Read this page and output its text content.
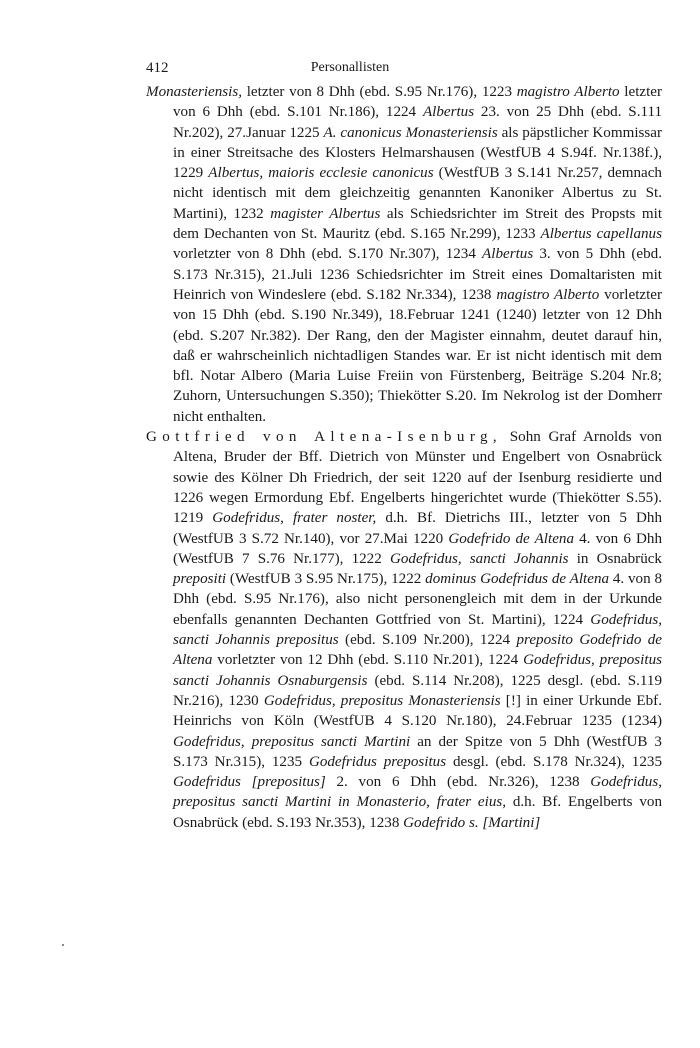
412	Personallisten

Monasteriensis, letzter von 8 Dhh (ebd. S.95 Nr.176), 1223 magistro Alberto letzter von 6 Dhh (ebd. S.101 Nr.186), 1224 Albertus 23. von 25 Dhh (ebd. S.111 Nr.202), 27.Januar 1225 A. canonicus Monasteriensis als päpstlicher Kommissar in einer Streitsache des Klosters Helmarshausen (WestfUB 4 S.94f. Nr.138f.), 1229 Albertus, maioris ecclesie canonicus (WestfUB 3 S.141 Nr.257, demnach nicht identisch mit dem gleichzeitig genannten Kanoniker Albertus zu St. Martini), 1232 magister Albertus als Schiedsrichter im Streit des Propsts mit dem Dechanten von St. Mauritz (ebd. S.165 Nr.299), 1233 Albertus capellanus vorletzter von 8 Dhh (ebd. S.170 Nr.307), 1234 Albertus 3. von 5 Dhh (ebd. S.173 Nr.315), 21.Juli 1236 Schiedsrichter im Streit eines Domaltaristen mit Heinrich von Windeslere (ebd. S.182 Nr.334), 1238 magistro Alberto vorletzter von 15 Dhh (ebd. S.190 Nr.349), 18.Februar 1241 (1240) letzter von 12 Dhh (ebd. S.207 Nr.382). Der Rang, den der Magister einnahm, deutet darauf hin, daß er wahrscheinlich nichtadligen Standes war. Er ist nicht identisch mit dem bfl. Notar Albero (Maria Luise Freiin von Fürstenberg, Beiträge S.204 Nr.8; Zuhorn, Untersuchungen S.350); Thiekötter S.20. Im Nekrolog ist der Domherr nicht enthalten.

Gottfried von Altena-Isenburg, Sohn Graf Arnolds von Altena, Bruder der Bff. Dietrich von Münster und Engelbert von Osnabrück sowie des Kölner Dh Friedrich, der seit 1220 auf der Isenburg residierte und 1226 wegen Ermordung Ebf. Engelberts hingerichtet wurde (Thiekötter S.55). 1219 Godefridus, frater noster, d.h. Bf. Dietrichs III., letzter von 5 Dhh (WestfUB 3 S.72 Nr.140), vor 27.Mai 1220 Godefrido de Altena 4. von 6 Dhh (WestfUB 7 S.76 Nr.177), 1222 Godefridus, sancti Johannis in Osnabrück prepositi (WestfUB 3 S.95 Nr.175), 1222 dominus Godefridus de Altena 4. von 8 Dhh (ebd. S.95 Nr.176), also nicht personengleich mit dem in der Urkunde ebenfalls genannten Dechanten Gottfried von St. Martini), 1224 Godefridus, sancti Johannis prepositus (ebd. S.109 Nr.200), 1224 preposito Godefrido de Altena vorletzter von 12 Dhh (ebd. S.110 Nr.201), 1224 Godefridus, prepositus sancti Johannis Osnaburgensis (ebd. S.114 Nr.208), 1225 desgl. (ebd. S.119 Nr.216), 1230 Godefridus, prepositus Monasteriensis [!] in einer Urkunde Ebf. Heinrichs von Köln (WestfUB 4 S.120 Nr.180), 24.Februar 1235 (1234) Godefridus, prepositus sancti Martini an der Spitze von 5 Dhh (WestfUB 3 S.173 Nr.315), 1235 Godefridus prepositus desgl. (ebd. S.178 Nr.324), 1235 Godefridus [prepositus] 2. von 6 Dhh (ebd. Nr.326), 1238 Godefridus, prepositus sancti Martini in Monasterio, frater eius, d.h. Bf. Engelberts von Osnabrück (ebd. S.193 Nr.353), 1238 Godefrido s. [Martini]
